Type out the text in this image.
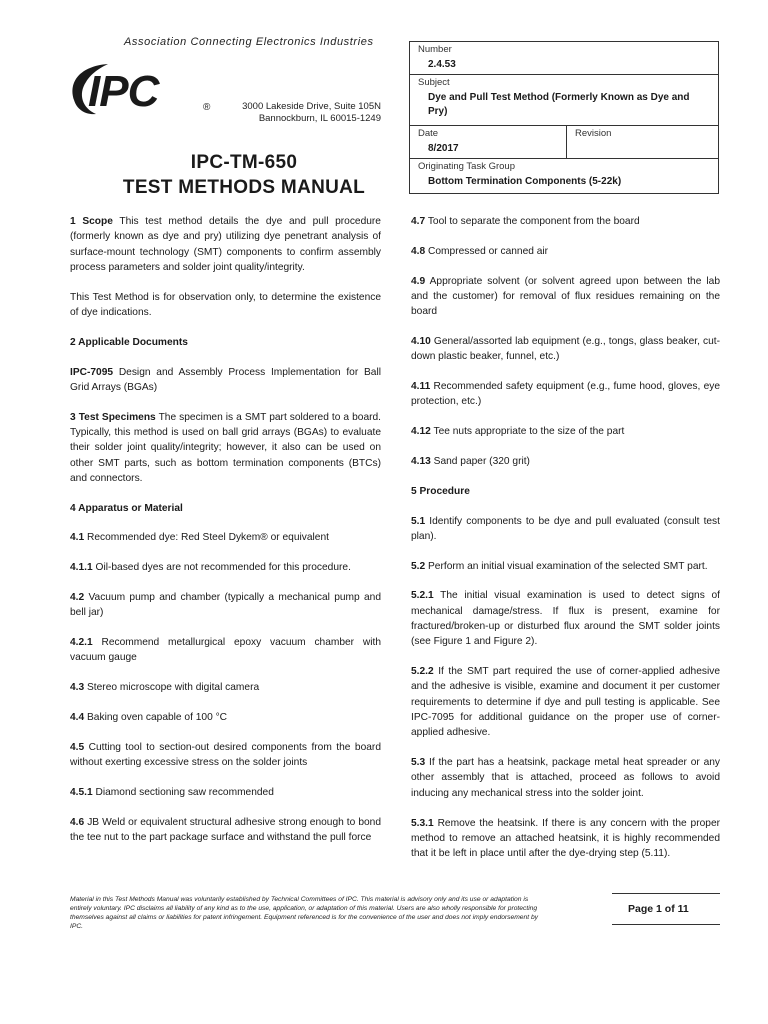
Association Connecting Electronics Industries
IPC	®	3000 Lakeside Drive, Suite 105N
Bannockburn, IL 60015-1249
IPC-TM-650
TEST METHODS MANUAL
Number
2.4.53
Subject
Dye and Pull Test Method (Formerly Known as Dye and Pry)
Date
8/2017
Revision
Originating Task Group
Bottom Termination Components (5-22k)

1 Scope This test method details the dye and pull procedure (formerly known as dye and pry) utilizing dye penetrant analysis of surface-mount technology (SMT) components to confirm assembly process parameters and solder joint quality/integrity.

This Test Method is for observation only, to determine the existence of dye indications.

2 Applicable Documents

IPC-7095 Design and Assembly Process Implementation for Ball Grid Arrays (BGAs)

3 Test Specimens The specimen is a SMT part soldered to a board. Typically, this method is used on ball grid arrays (BGAs) to evaluate their solder joint quality/integrity; however, it also can be used on other SMT parts, such as bottom termination components (BTCs) and connectors.

4 Apparatus or Material

4.1 Recommended dye: Red Steel Dykem® or equivalent

4.1.1 Oil-based dyes are not recommended for this procedure.

4.2 Vacuum pump and chamber (typically a mechanical pump and bell jar)

4.2.1 Recommend metallurgical epoxy vacuum chamber with vacuum gauge

4.3 Stereo microscope with digital camera

4.4 Baking oven capable of 100 °C

4.5 Cutting tool to section-out desired components from the board without exerting excessive stress on the solder joints

4.5.1 Diamond sectioning saw recommended

4.6 JB Weld or equivalent structural adhesive strong enough to bond the tee nut to the part package surface and withstand the pull force

4.7 Tool to separate the component from the board

4.8 Compressed or canned air

4.9 Appropriate solvent (or solvent agreed upon between the lab and the customer) for removal of flux residues remaining on the board

4.10 General/assorted lab equipment (e.g., tongs, glass beaker, cut-down plastic beaker, funnel, etc.)

4.11 Recommended safety equipment (e.g., fume hood, gloves, eye protection, etc.)

4.12 Tee nuts appropriate to the size of the part

4.13 Sand paper (320 grit)

5 Procedure

5.1 Identify components to be dye and pull evaluated (consult test plan).

5.2 Perform an initial visual examination of the selected SMT part.

5.2.1 The initial visual examination is used to detect signs of mechanical damage/stress. If flux is present, examine for fractured/broken-up or disturbed flux around the SMT solder joints (see Figure 1 and Figure 2).

5.2.2 If the SMT part required the use of corner-applied adhesive and the adhesive is visible, examine and document it per customer requirements to determine if dye and pull testing is applicable. See IPC-7095 for additional guidance on the proper use of corner-applied adhesive.

5.3 If the part has a heatsink, package metal heat spreader or any other assembly that is attached, proceed as follows to avoid inducing any mechanical stress into the solder joint.

5.3.1 Remove the heatsink. If there is any concern with the proper method to remove an attached heatsink, it is highly recommended that it be left in place until after the dye-drying step (5.11).

Material in this Test Methods Manual was voluntarily established by Technical Committees of IPC. This material is advisory only and its use or adaptation is entirely voluntary. IPC disclaims all liability of any kind as to the use, application, or adaptation of this material. Users are also wholly responsible for protecting themselves against all claims or liabilities for patent infringement. Equipment referenced is for the convenience of the user and does not imply endorsement by IPC.
Page
1
of
11
